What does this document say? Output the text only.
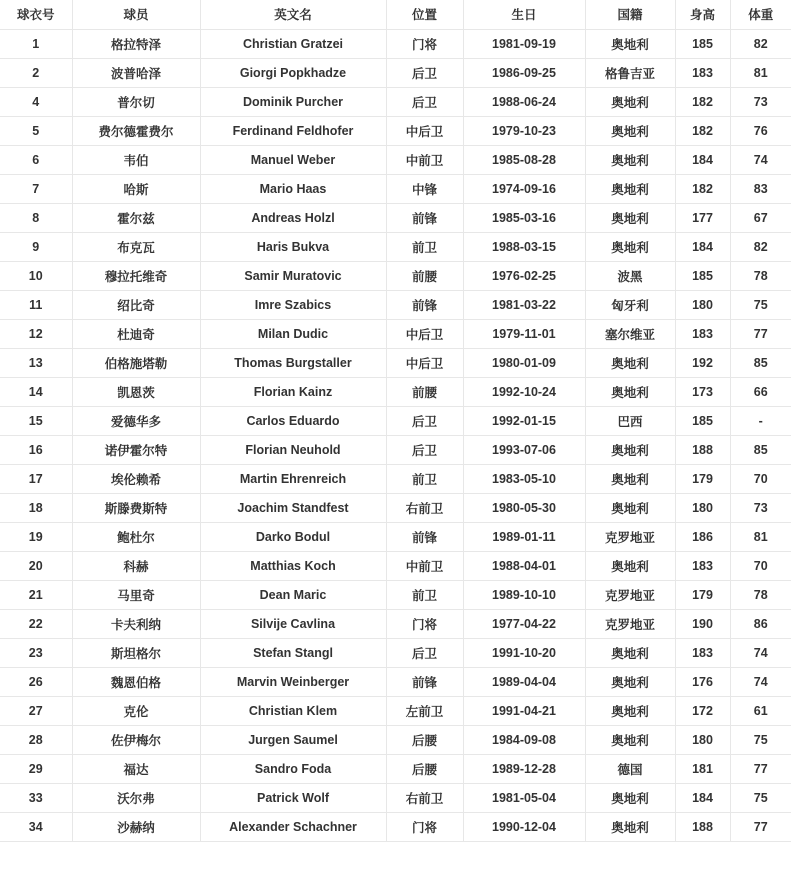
球衣号	球员	英文名	位置	生日	国籍	身高	体重
1	格拉特泽	Christian Gratzei	门将	1981-09-19	奥地利	185	82
2	波普哈泽	Giorgi Popkhadze	后卫	1986-09-25	格鲁吉亚	183	81
4	普尔切	Dominik Purcher	后卫	1988-06-24	奥地利	182	73
5	费尔德霍费尔	Ferdinand Feldhofer	中后卫	1979-10-23	奥地利	182	76
6	韦伯	Manuel Weber	中前卫	1985-08-28	奥地利	184	74
7	哈斯	Mario Haas	中锋	1974-09-16	奥地利	182	83
8	霍尔兹	Andreas Holzl	前锋	1985-03-16	奥地利	177	67
9	布克瓦	Haris Bukva	前卫	1988-03-15	奥地利	184	82
10	穆拉托维奇	Samir Muratovic	前腰	1976-02-25	波黑	185	78
11	绍比奇	Imre Szabics	前锋	1981-03-22	匈牙利	180	75
12	杜迪奇	Milan Dudic	中后卫	1979-11-01	塞尔维亚	183	77
13	伯格施塔勒	Thomas Burgstaller	中后卫	1980-01-09	奥地利	192	85
14	凯恩茨	Florian Kainz	前腰	1992-10-24	奥地利	173	66
15	爱德华多	Carlos Eduardo	后卫	1992-01-15	巴西	185	-
16	诺伊霍尔特	Florian Neuhold	后卫	1993-07-06	奥地利	188	85
17	埃伦赖希	Martin Ehrenreich	前卫	1983-05-10	奥地利	179	70
18	斯滕费斯特	Joachim Standfest	右前卫	1980-05-30	奥地利	180	73
19	鲍杜尔	Darko Bodul	前锋	1989-01-11	克罗地亚	186	81
20	科赫	Matthias Koch	中前卫	1988-04-01	奥地利	183	70
21	马里奇	Dean Maric	前卫	1989-10-10	克罗地亚	179	78
22	卡夫利纳	Silvije Cavlina	门将	1977-04-22	克罗地亚	190	86
23	斯坦格尔	Stefan Stangl	后卫	1991-10-20	奥地利	183	74
26	魏恩伯格	Marvin Weinberger	前锋	1989-04-04	奥地利	176	74
27	克伦	Christian Klem	左前卫	1991-04-21	奥地利	172	61
28	佐伊梅尔	Jurgen Saumel	后腰	1984-09-08	奥地利	180	75
29	福达	Sandro Foda	后腰	1989-12-28	德国	181	77
33	沃尔弗	Patrick Wolf	右前卫	1981-05-04	奥地利	184	75
34	沙赫纳	Alexander Schachner	门将	1990-12-04	奥地利	188	77
